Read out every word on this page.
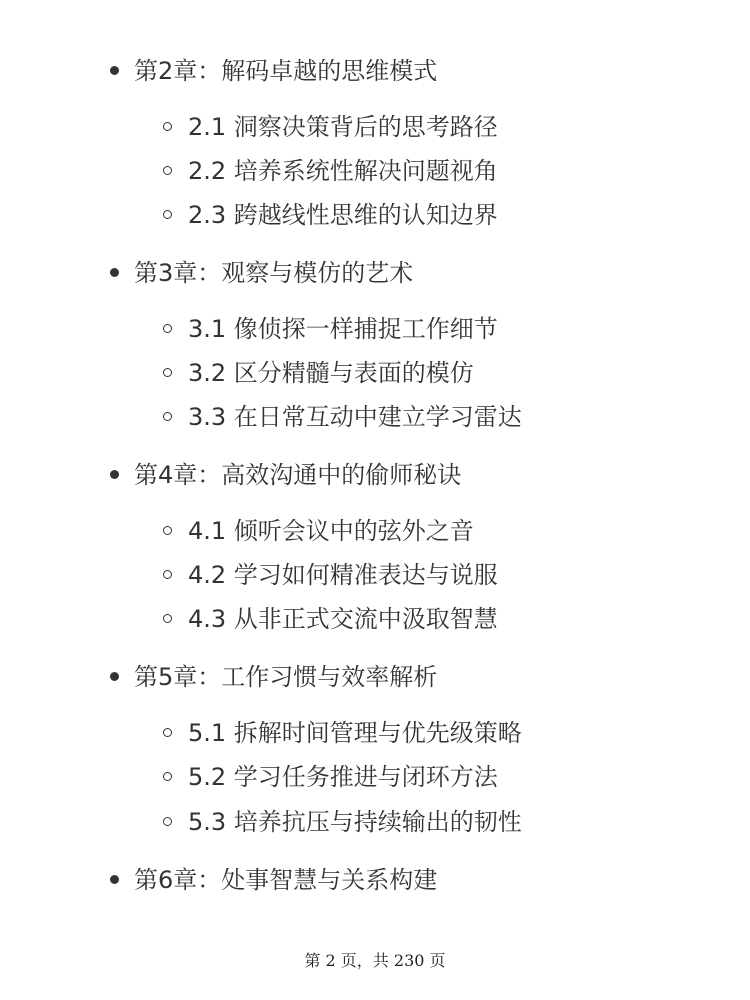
第2章：解码卓越的思维模式
2.1 洞察决策背后的思考路径
2.2 培养系统性解决问题视角
2.3 跨越线性思维的认知边界
第3章：观察与模仿的艺术
3.1 像侦探一样捕捉工作细节
3.2 区分精髓与表面的模仿
3.3 在日常互动中建立学习雷达
第4章：高效沟通中的偷师秘诀
4.1 倾听会议中的弦外之音
4.2 学习如何精准表达与说服
4.3 从非正式交流中汲取智慧
第5章：工作习惯与效率解析
5.1 拆解时间管理与优先级策略
5.2 学习任务推进与闭环方法
5.3 培养抗压与持续输出的韧性
第6章：处事智慧与关系构建
第 2 页，共 230 页
